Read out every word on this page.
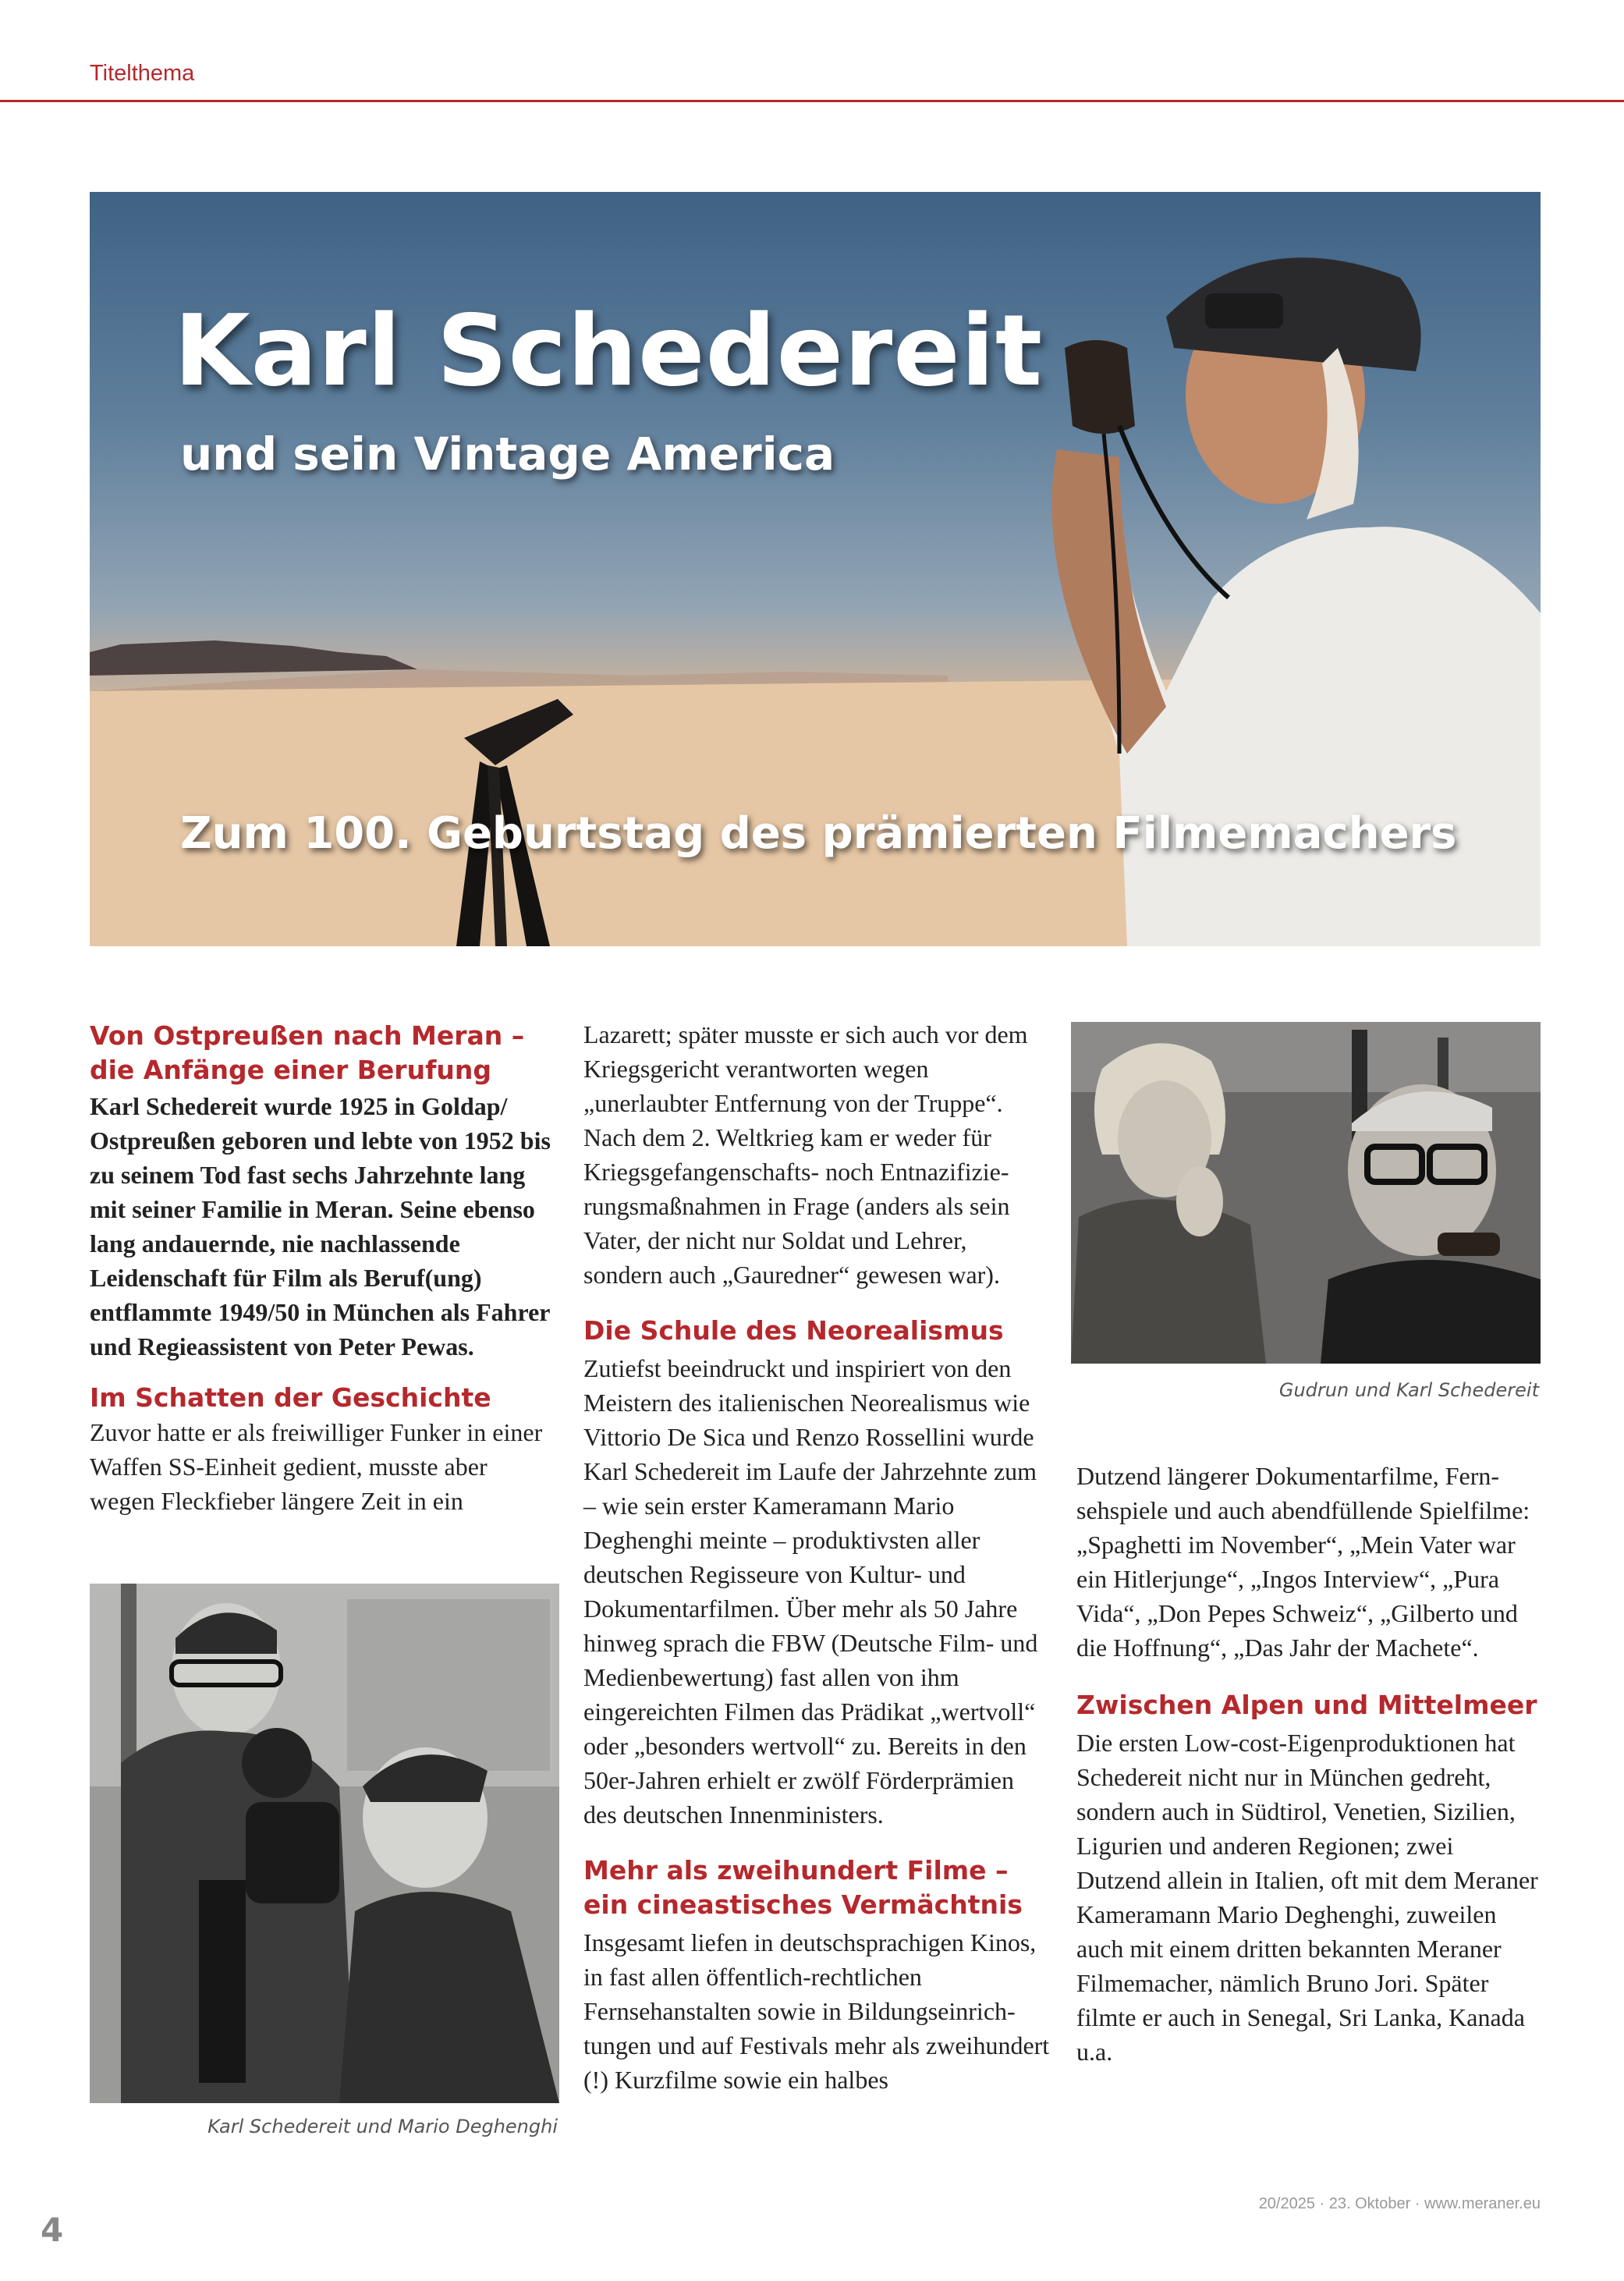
Titelthema
Karl Schedereit
und sein Vintage America
Zum 100. Geburtstag des prämierten Filmemachers

Von Ostpreußen nach Meran –

die Anfänge einer Berufung

Karl Schedereit wurde 1925 in Goldap/ Ostpreußen geboren und lebte von 1952 bis zu seinem Tod fast sechs Jahrzehnte lang mit seiner Familie in Meran. Seine ebenso lang andauernde, nie nachlassende Leidenschaft für Film als Beruf(ung) entflammte 1949/50 in München als Fahrer und Regieassistent von Peter Pewas.

Im Schatten der Geschichte

Zuvor hatte er als freiwilliger Funker in einer Waffen SS-Einheit gedient, musste aber wegen Fleckfieber längere Zeit in ein

Karl Schedereit und Mario Deghenghi

Lazarett; später musste er sich auch vor dem Kriegsgericht verantworten wegen „unerlaubter Entfernung von der Truppe“. Nach dem 2. Weltkrieg kam er weder für Kriegsgefangenschafts- noch Entnazifizierungsmaßnahmen in Frage (anders als sein Vater, der nicht nur Soldat und Lehrer, sondern auch „Gauredner“ gewesen war).

Die Schule des Neorealismus

Zutiefst beeindruckt und inspiriert von den Meistern des italienischen Neorealismus wie Vittorio De Sica und Renzo Rossellini wurde Karl Schedereit im Laufe der Jahrzehnte zum – wie sein erster Kameramann Mario Deghenghi meinte – produktivsten aller deutschen Regisseure von Kultur- und Dokumentarfilmen. Über mehr als 50 Jahre hinweg sprach die FBW (Deutsche Film- und Medienbewertung) fast allen von ihm eingereichten Filmen das Prädikat „wertvoll“ oder „besonders wertvoll“ zu. Bereits in den 50er-Jahren erhielt er zwölf Förderprämien des deutschen Innenministers.

Mehr als zweihundert Filme –

ein cineastisches Vermächtnis

Insgesamt liefen in deutschsprachigen Kinos, in fast allen öffentlich-rechtlichen Fernsehanstalten sowie in Bildungseinrichtungen und auf Festivals mehr als zweihundert (!) Kurzfilme sowie ein halbes

Gudrun und Karl Schedereit

Dutzend längerer Dokumentarfilme, Fernsehspiele und auch abendfüllende Spielfilme: „Spaghetti im November“, „Mein Vater war ein Hitlerjunge“, „Ingos Interview“, „Pura Vida“, „Don Pepes Schweiz“, „Gilberto und die Hoffnung“, „Das Jahr der Machete“.

Zwischen Alpen und Mittelmeer

Die ersten Low-cost-Eigenproduktionen hat Schedereit nicht nur in München gedreht, sondern auch in Südtirol, Venetien, Sizilien, Ligurien und anderen Regionen; zwei Dutzend allein in Italien, oft mit dem Meraner Kameramann Mario Deghenghi, zuweilen auch mit einem dritten bekannten Meraner Filmemacher, nämlich Bruno Jori. Später filmte er auch in Senegal, Sri Lanka, Kanada u.a.

4
20/2025 · 23. Oktober · www.meraner.eu
